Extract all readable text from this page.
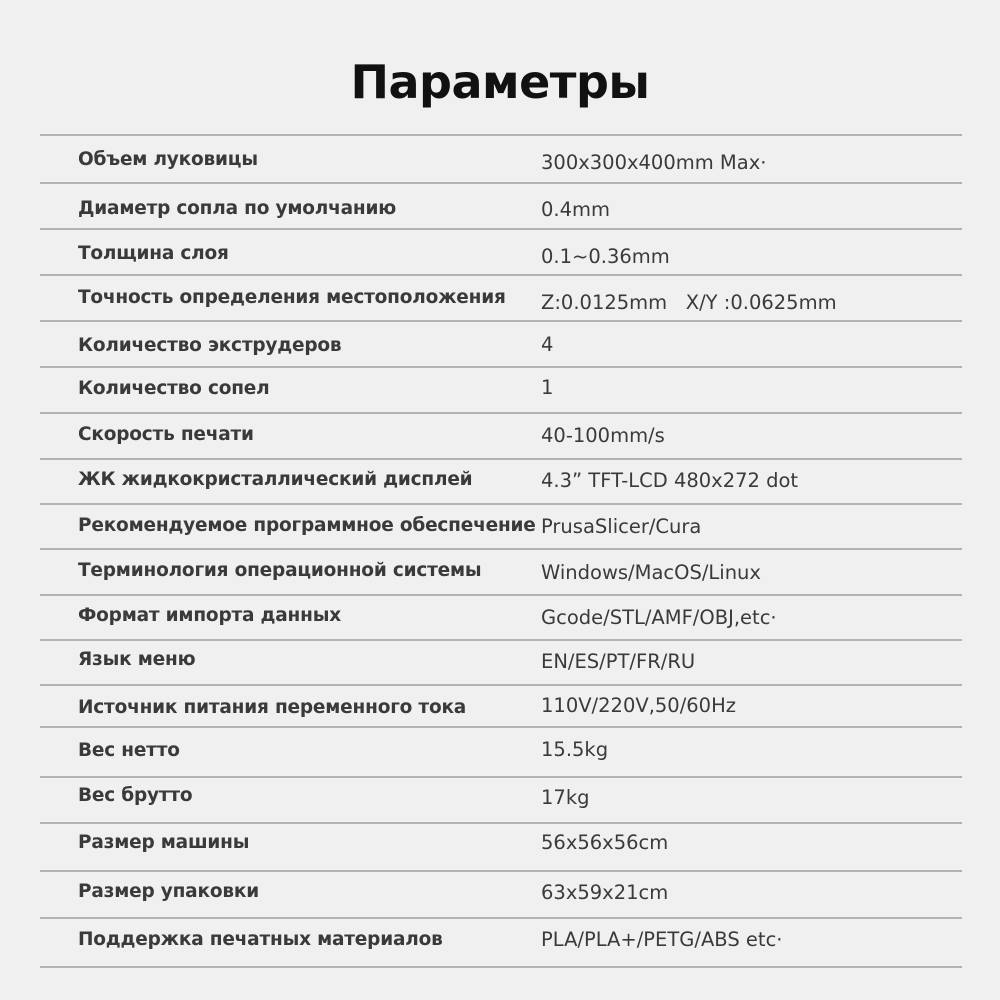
Параметры
Объем луковицы	300x300x400mm Max·
Диаметр сопла по умолчанию	0.4mm
Толщина слоя	0.1~0.36mm
Точность определения местоположения Z:0.0125mm   X/Y :0.0625mm
Количество экструдеров	4
Количество сопел	1
Скорость печати	40-100mm/s
ЖК жидкокристаллический дисплей	4.3” TFT-LCD 480x272 dot
Рекомендуемое программное обеспечение PrusaSlicer/Cura
Терминология операционной системы	Windows/MacOS/Linux
Формат импорта данных	Gcode/STL/AMF/OBJ,etc·
Язык меню	EN/ES/PT/FR/RU
Источник питания переменного тока	110V/220V,50/60Hz
Вес нетто	15.5kg
Вес брутто	17kg
Размер машины	56x56x56cm
Размер упаковки	63x59x21cm
Поддержка печатных материалов	PLA/PLA+/PETG/ABS etc·
